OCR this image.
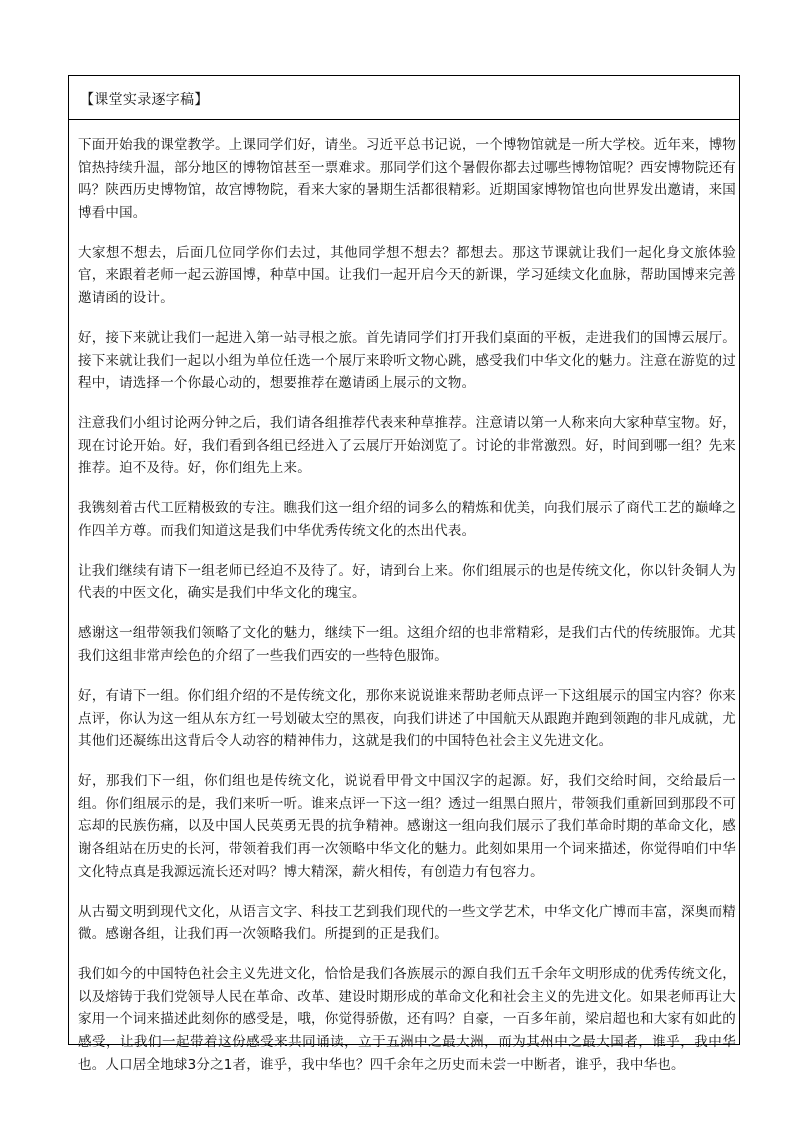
【课堂实录逐字稿】

下面开始我的课堂教学。上课同学们好，请坐。习近平总书记说，一个博物馆就是一所大学校。近年来，博物馆热持续升温，部分地区的博物馆甚至一票难求。那同学们这个暑假你都去过哪些博物馆呢？西安博物院还有吗？陕西历史博物馆，故宫博物院，看来大家的暑期生活都很精彩。近期国家博物馆也向世界发出邀请，来国博看中国。

大家想不想去，后面几位同学你们去过，其他同学想不想去？都想去。那这节课就让我们一起化身文旅体验官，来跟着老师一起云游国博，种草中国。让我们一起开启今天的新课，学习延续文化血脉，帮助国博来完善邀请函的设计。

好，接下来就让我们一起进入第一站寻根之旅。首先请同学们打开我们桌面的平板，走进我们的国博云展厅。接下来就让我们一起以小组为单位任选一个展厅来聆听文物心跳，感受我们中华文化的魅力。注意在游览的过程中，请选择一个你最心动的，想要推荐在邀请函上展示的文物。

注意我们小组讨论两分钟之后，我们请各组推荐代表来种草推荐。注意请以第一人称来向大家种草宝物。好，现在讨论开始。好，我们看到各组已经进入了云展厅开始浏览了。讨论的非常激烈。好，时间到哪一组？先来推荐。迫不及待。好，你们组先上来。

我镌刻着古代工匠精极致的专注。瞧我们这一组介绍的词多么的精炼和优美，向我们展示了商代工艺的巅峰之作四羊方尊。而我们知道这是我们中华优秀传统文化的杰出代表。

让我们继续有请下一组老师已经迫不及待了。好，请到台上来。你们组展示的也是传统文化，你以针灸铜人为代表的中医文化，确实是我们中华文化的瑰宝。

感谢这一组带领我们领略了文化的魅力，继续下一组。这组介绍的也非常精彩，是我们古代的传统服饰。尤其我们这组非常声绘色的介绍了一些我们西安的一些特色服饰。

好，有请下一组。你们组介绍的不是传统文化，那你来说说谁来帮助老师点评一下这组展示的国宝内容？你来点评，你认为这一组从东方红一号划破太空的黑夜，向我们讲述了中国航天从跟跑并跑到领跑的非凡成就，尤其他们还凝练出这背后令人动容的精神伟力，这就是我们的中国特色社会主义先进文化。

好，那我们下一组，你们组也是传统文化，说说看甲骨文中国汉字的起源。好，我们交给时间，交给最后一组。你们组展示的是，我们来听一听。谁来点评一下这一组？透过一组黑白照片，带领我们重新回到那段不可忘却的民族伤痛，以及中国人民英勇无畏的抗争精神。感谢这一组向我们展示了我们革命时期的革命文化，感谢各组站在历史的长河，带领着我们再一次领略中华文化的魅力。此刻如果用一个词来描述，你觉得咱们中华文化特点真是我源远流长还对吗？博大精深，薪火相传，有创造力有包容力。

从古蜀文明到现代文化，从语言文字、科技工艺到我们现代的一些文学艺术，中华文化广博而丰富，深奥而精微。感谢各组，让我们再一次领略我们。所提到的正是我们。

我们如今的中国特色社会主义先进文化，恰恰是我们各族展示的源自我们五千余年文明形成的优秀传统文化，以及熔铸于我们党领导人民在革命、改革、建设时期形成的革命文化和社会主义的先进文化。如果老师再让大家用一个词来描述此刻你的感受是，哦，你觉得骄傲，还有吗？自豪，一百多年前，梁启超也和大家有如此的感受，让我们一起带着这份感受来共同诵读，立于五洲中之最大洲，而为其州中之最大国者，谁乎，我中华也。人口居全地球3分之1者，谁乎，我中华也？四千余年之历史而未尝一中断者，谁乎，我中华也。
